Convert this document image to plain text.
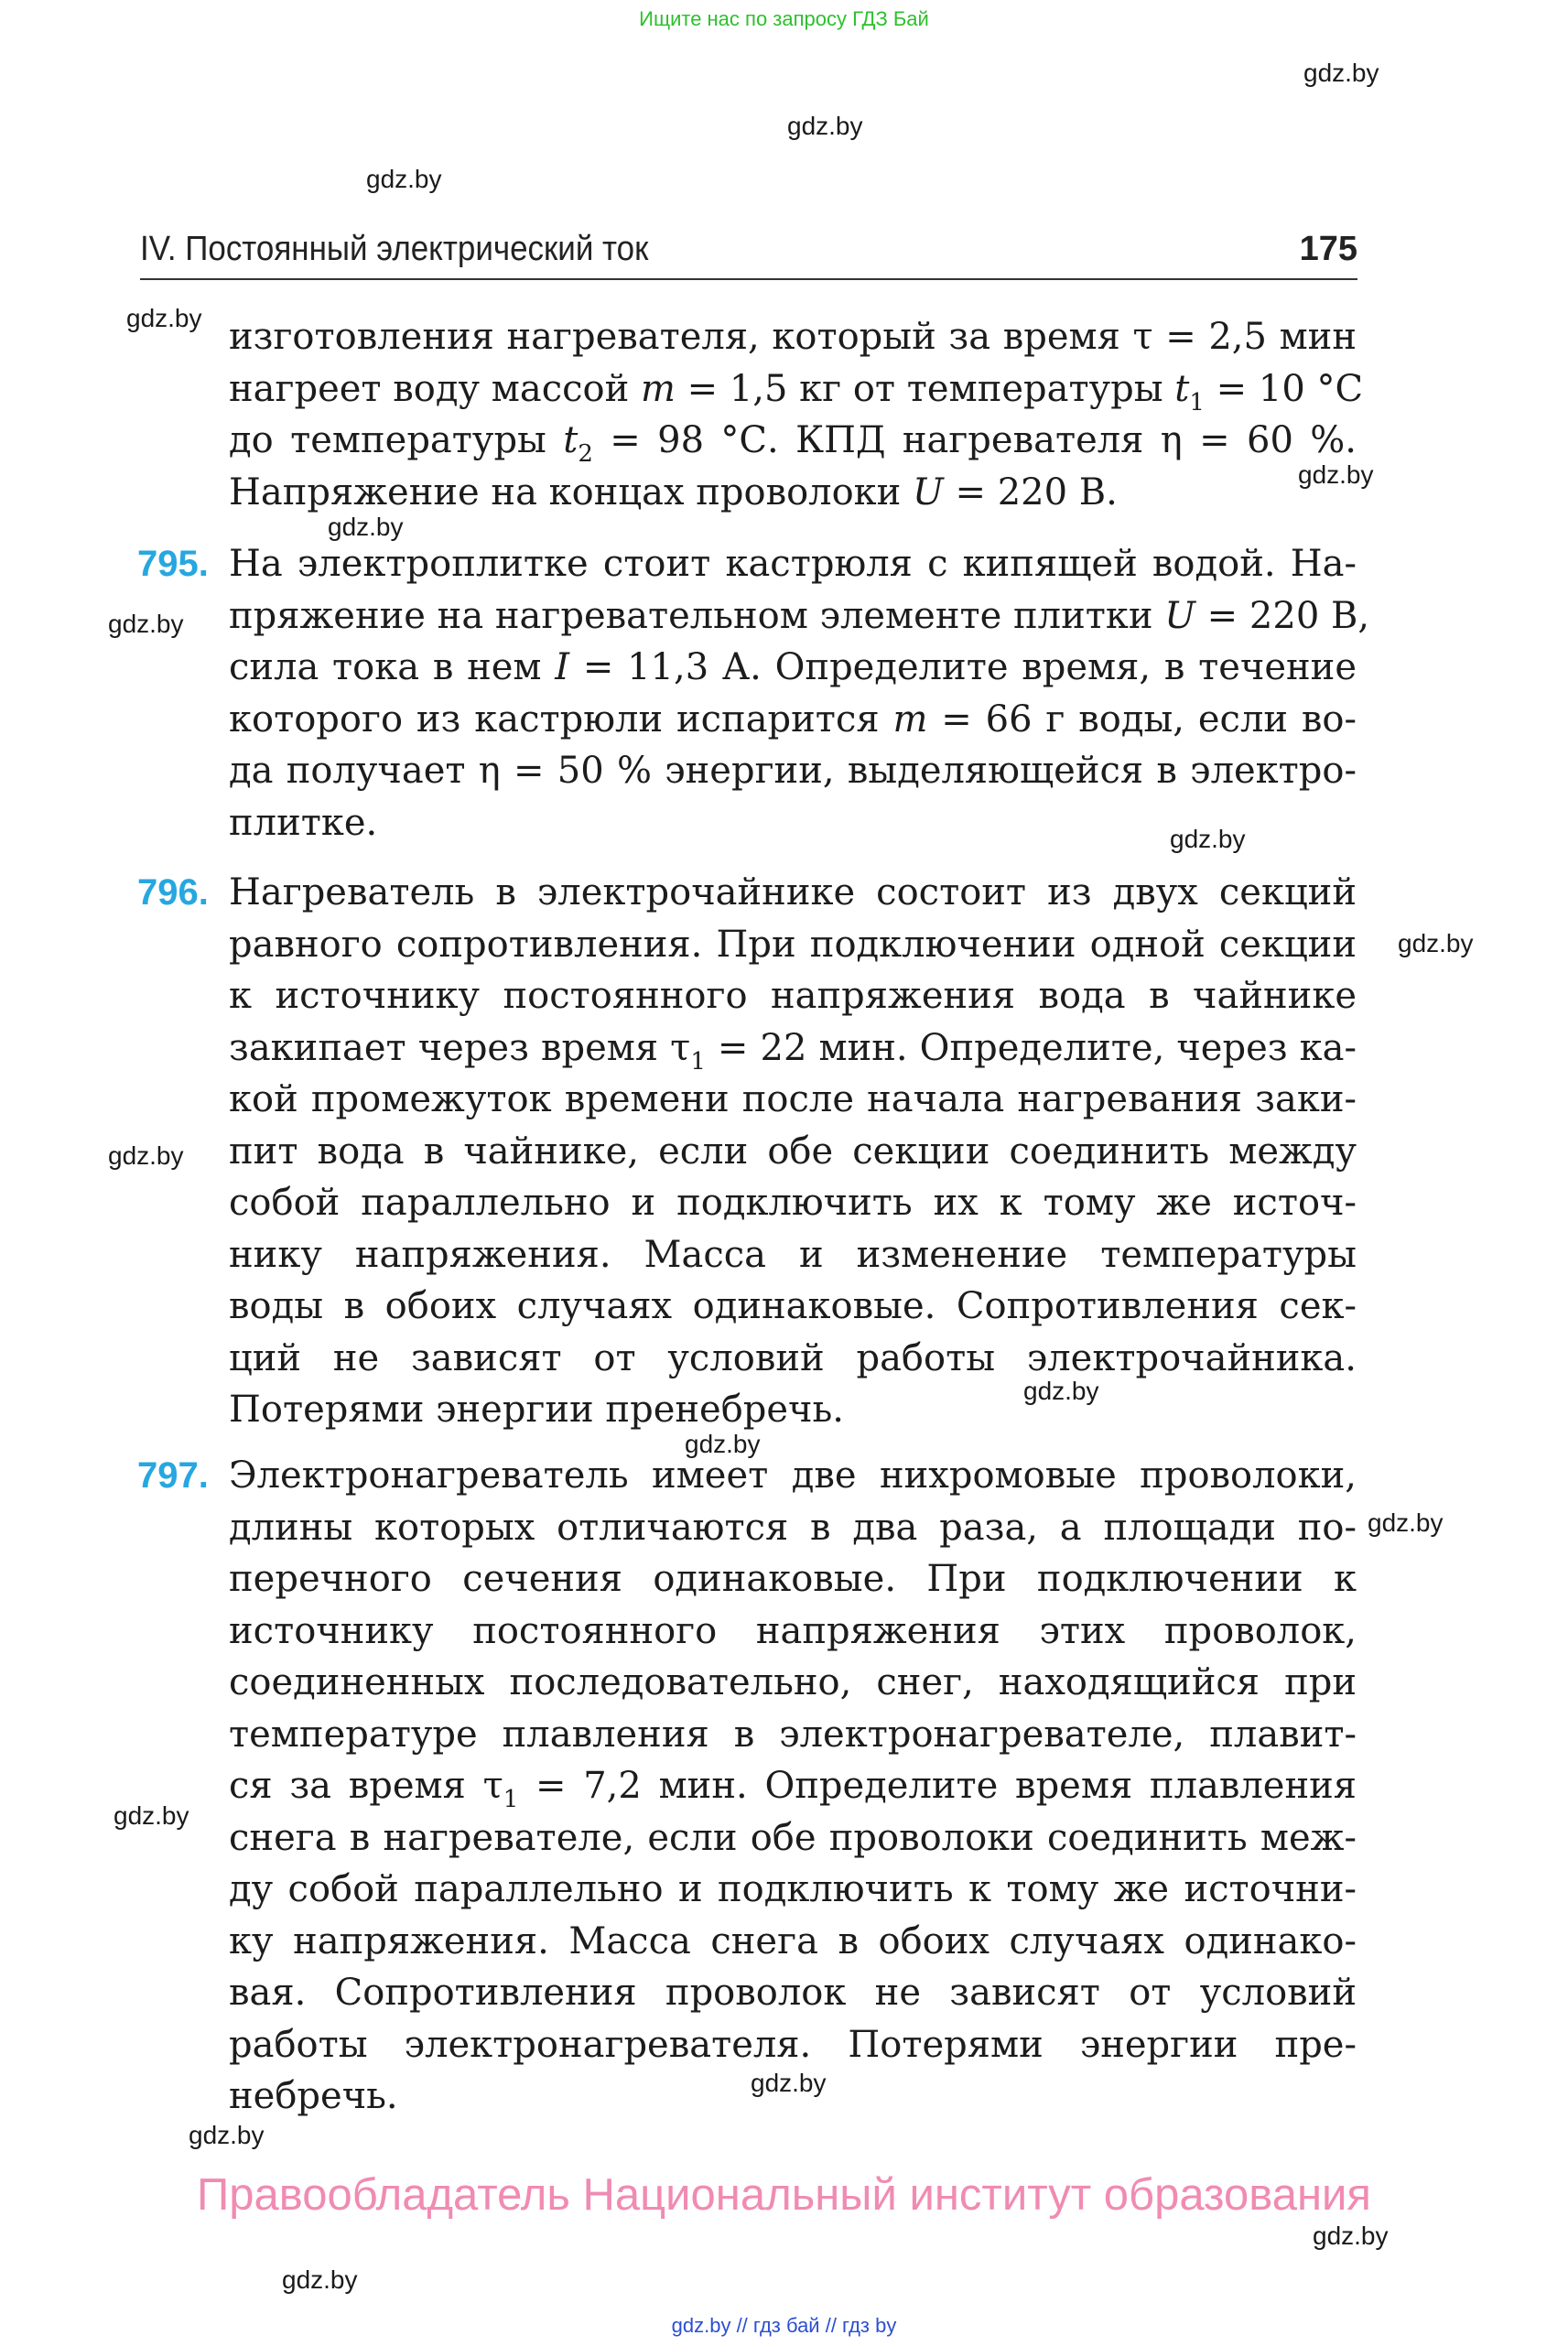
Ищите нас по запросу ГДЗ Бай
IV. Постоянный электрический ток	175
изготовления нагревателя, который за время τ = 2,5 мин
нагреет воду массой m = 1,5 кг от температуры $t_1 = 10$ °С
до температуры $t_2 = 98$ °С. КПД нагревателя η = 60 %.
Напряжение на концах проволоки U = 220 В.
795. На электроплитке стоит кастрюля с кипящей водой. На-
пряжение на нагревательном элементе плитки U = 220 В,
сила тока в нем I = 11,3 А. Определите время, в течение
которого из кастрюли испарится m = 66 г воды, если во-
да получает η = 50 % энергии, выделяющейся в электро-
плитке.
796. Нагреватель в электрочайнике состоит из двух секций
равного сопротивления. При подключении одной секции
к источнику постоянного напряжения вода в чайнике
закипает через время $\tau_1 = 22$ мин. Определите, через ка-
кой промежуток времени после начала нагревания заки-
пит вода в чайнике, если обе секции соединить между
собой параллельно и подключить их к тому же источ-
нику напряжения. Масса и изменение температуры
воды в обоих случаях одинаковые. Сопротивления сек-
ций не зависят от условий работы электрочайника.
Потерями энергии пренебречь.
797. Электронагреватель имеет две нихромовые проволоки,
длины которых отличаются в два раза, а площади по-
перечного сечения одинаковые. При подключении к
источнику постоянного напряжения этих проволок,
соединенных последовательно, снег, находящийся при
температуре плавления в электронагревателе, плавит-
ся за время $\tau_1 = 7,2$ мин. Определите время плавления
снега в нагревателе, если обе проволоки соединить меж-
ду собой параллельно и подключить к тому же источни-
ку напряжения. Масса снега в обоих случаях одинако-
вая. Сопротивления проволок не зависят от условий
работы электронагревателя. Потерями энергии пре-
небречь.
gdz.by
gdz.by
gdz.by
gdz.by
gdz.by
gdz.by
gdz.by
gdz.by
gdz.by
gdz.by
gdz.by
gdz.by
gdz.by
gdz.by
gdz.by
gdz.by
gdz.by
gdz.by
Правообладатель Национальный институт образования
gdz.by // гдз бай // гдз by
